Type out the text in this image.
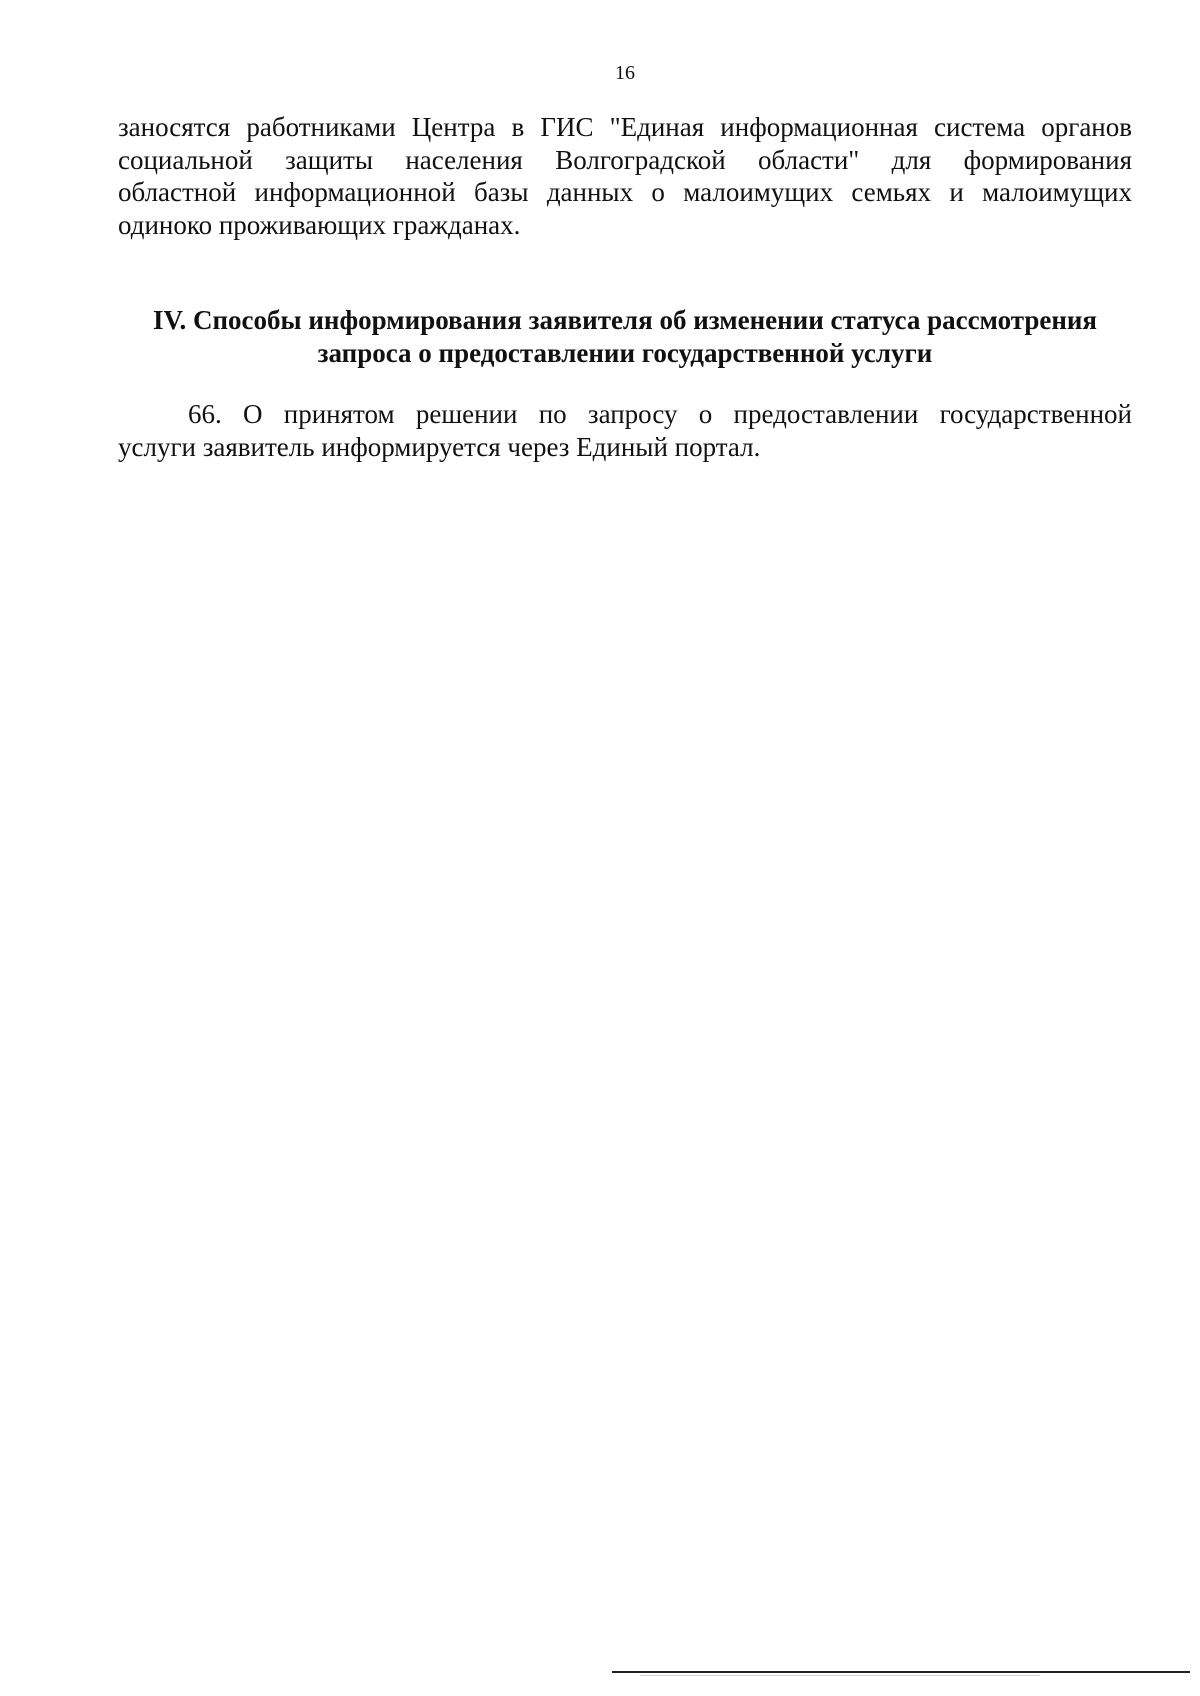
16
заносятся работниками Центра в ГИС "Единая информационная система органов
социальной защиты населения Волгоградской области" для формирования
областной информационной базы данных о малоимущих семьях и малоимущих
одиноко проживающих гражданах.
IV. Способы информирования заявителя об изменении статуса рассмотрения
запроса о предоставлении государственной услуги
66. О принятом решении по запросу о предоставлении государственной
услуги заявитель информируется через Единый портал.
